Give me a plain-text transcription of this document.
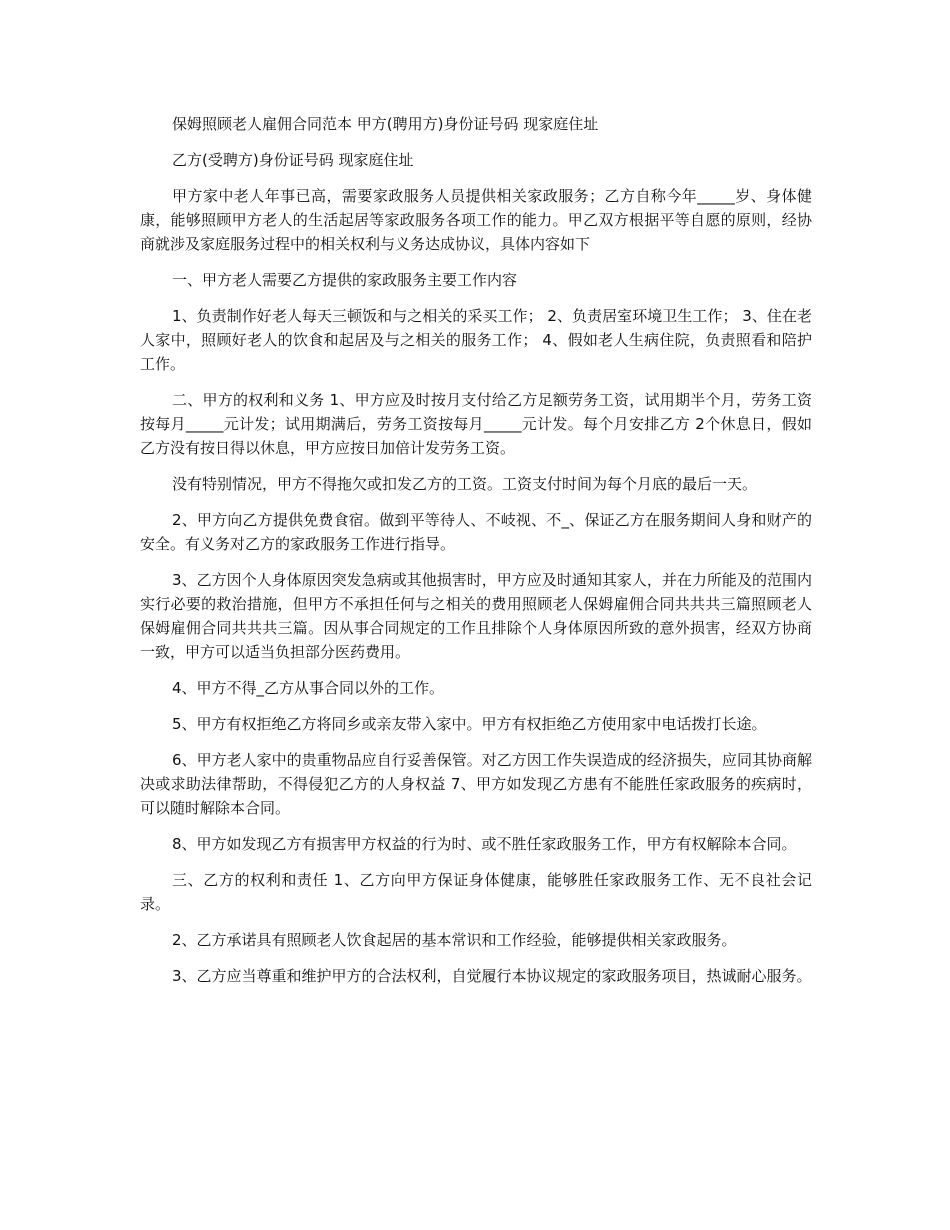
保姆照顾老人雇佣合同范本 甲方(聘用方)身份证号码 现家庭住址

乙方(受聘方)身份证号码 现家庭住址

甲方家中老人年事已高，需要家政服务人员提供相关家政服务；乙方自称今年_____岁、身体健康，能够照顾甲方老人的生活起居等家政服务各项工作的能力。甲乙双方根据平等自愿的原则，经协商就涉及家庭服务过程中的相关权利与义务达成协议，具体内容如下

一、甲方老人需要乙方提供的家政服务主要工作内容

1、负责制作好老人每天三顿饭和与之相关的采买工作； 2、负责居室环境卫生工作； 3、住在老人家中，照顾好老人的饮食和起居及与之相关的服务工作； 4、假如老人生病住院，负责照看和陪护工作。

二、甲方的权利和义务 1、甲方应及时按月支付给乙方足额劳务工资，试用期半个月，劳务工资按每月_____元计发；试用期满后，劳务工资按每月_____元计发。每个月安排乙方 2个休息日，假如乙方没有按日得以休息，甲方应按日加倍计发劳务工资。

没有特别情况，甲方不得拖欠或扣发乙方的工资。工资支付时间为每个月底的最后一天。

2、甲方向乙方提供免费食宿。做到平等待人、不岐视、不_、保证乙方在服务期间人身和财产的安全。有义务对乙方的家政服务工作进行指导。

3、乙方因个人身体原因突发急病或其他损害时，甲方应及时通知其家人，并在力所能及的范围内实行必要的救治措施，但甲方不承担任何与之相关的费用照顾老人保姆雇佣合同共共共三篇照顾老人保姆雇佣合同共共共三篇。因从事合同规定的工作且排除个人身体原因所致的意外损害，经双方协商一致，甲方可以适当负担部分医药费用。

4、甲方不得_乙方从事合同以外的工作。

5、甲方有权拒绝乙方将同乡或亲友带入家中。甲方有权拒绝乙方使用家中电话拨打长途。

6、甲方老人家中的贵重物品应自行妥善保管。对乙方因工作失误造成的经济损失，应同其协商解决或求助法律帮助，不得侵犯乙方的人身权益 7、甲方如发现乙方患有不能胜任家政服务的疾病时，可以随时解除本合同。

8、甲方如发现乙方有损害甲方权益的行为时、或不胜任家政服务工作，甲方有权解除本合同。

三、乙方的权利和责任 1、乙方向甲方保证身体健康，能够胜任家政服务工作、无不良社会记录。

2、乙方承诺具有照顾老人饮食起居的基本常识和工作经验，能够提供相关家政服务。

3、乙方应当尊重和维护甲方的合法权利，自觉履行本协议规定的家政服务项目，热诚耐心服务。
